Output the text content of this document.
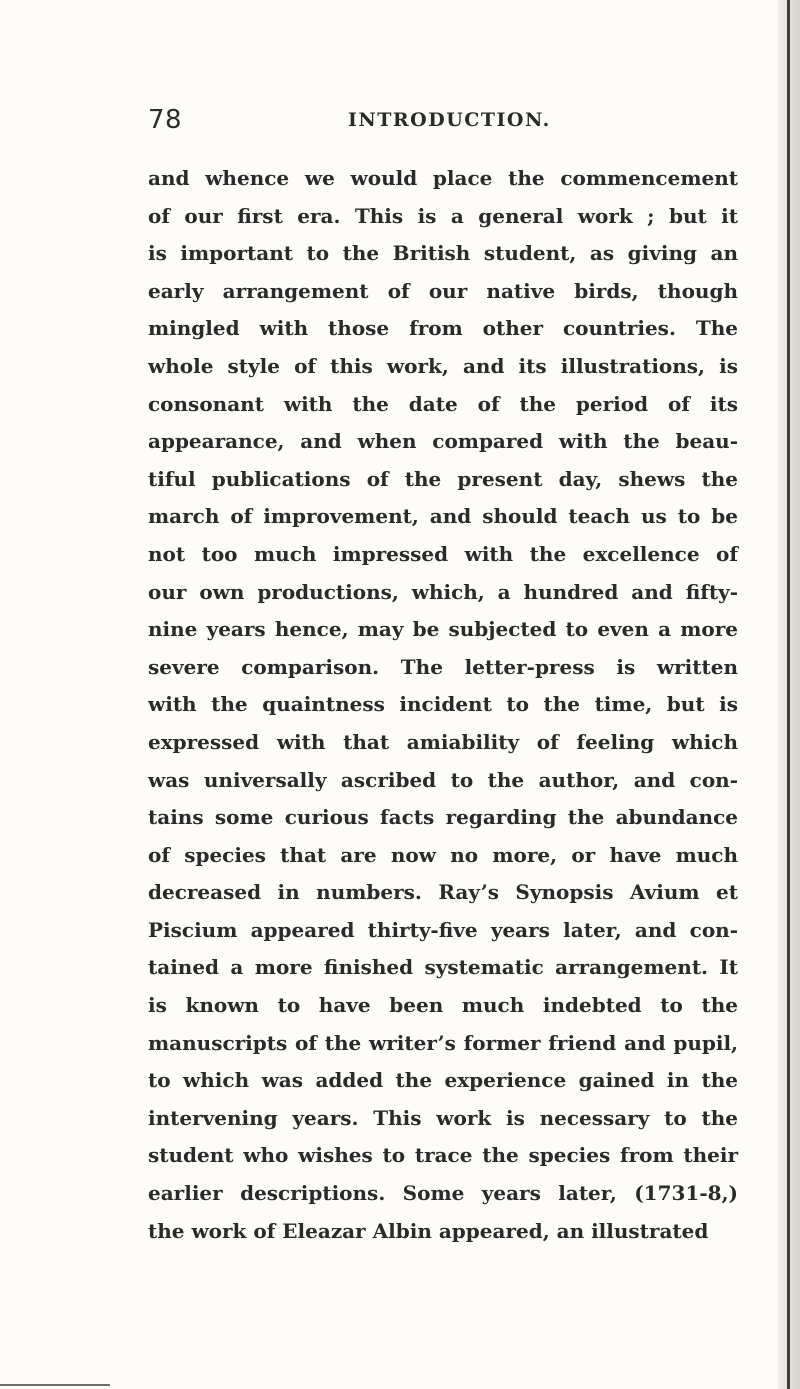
78	INTRODUCTION.
and whence we would place the commencement
of our first era. This is a general work ; but it
is important to the British student, as giving an
early arrangement of our native birds, though
mingled with those from other countries. The
whole style of this work, and its illustrations, is
consonant with the date of the period of its
appearance, and when compared with the beau-
tiful publications of the present day, shews the
march of improvement, and should teach us to be
not too much impressed with the excellence of
our own productions, which, a hundred and fifty-
nine years hence, may be subjected to even a more
severe comparison. The letter-press is written
with the quaintness incident to the time, but is
expressed with that amiability of feeling which
was universally ascribed to the author, and con-
tains some curious facts regarding the abundance
of species that are now no more, or have much
decreased in numbers. Ray’s Synopsis Avium et
Piscium appeared thirty-five years later, and con-
tained a more finished systematic arrangement. It
is known to have been much indebted to the
manuscripts of the writer’s former friend and pupil,
to which was added the experience gained in the
intervening years. This work is necessary to the
student who wishes to trace the species from their
earlier descriptions. Some years later, (1731-8,)
the work of Eleazar Albin appeared, an illustrated
